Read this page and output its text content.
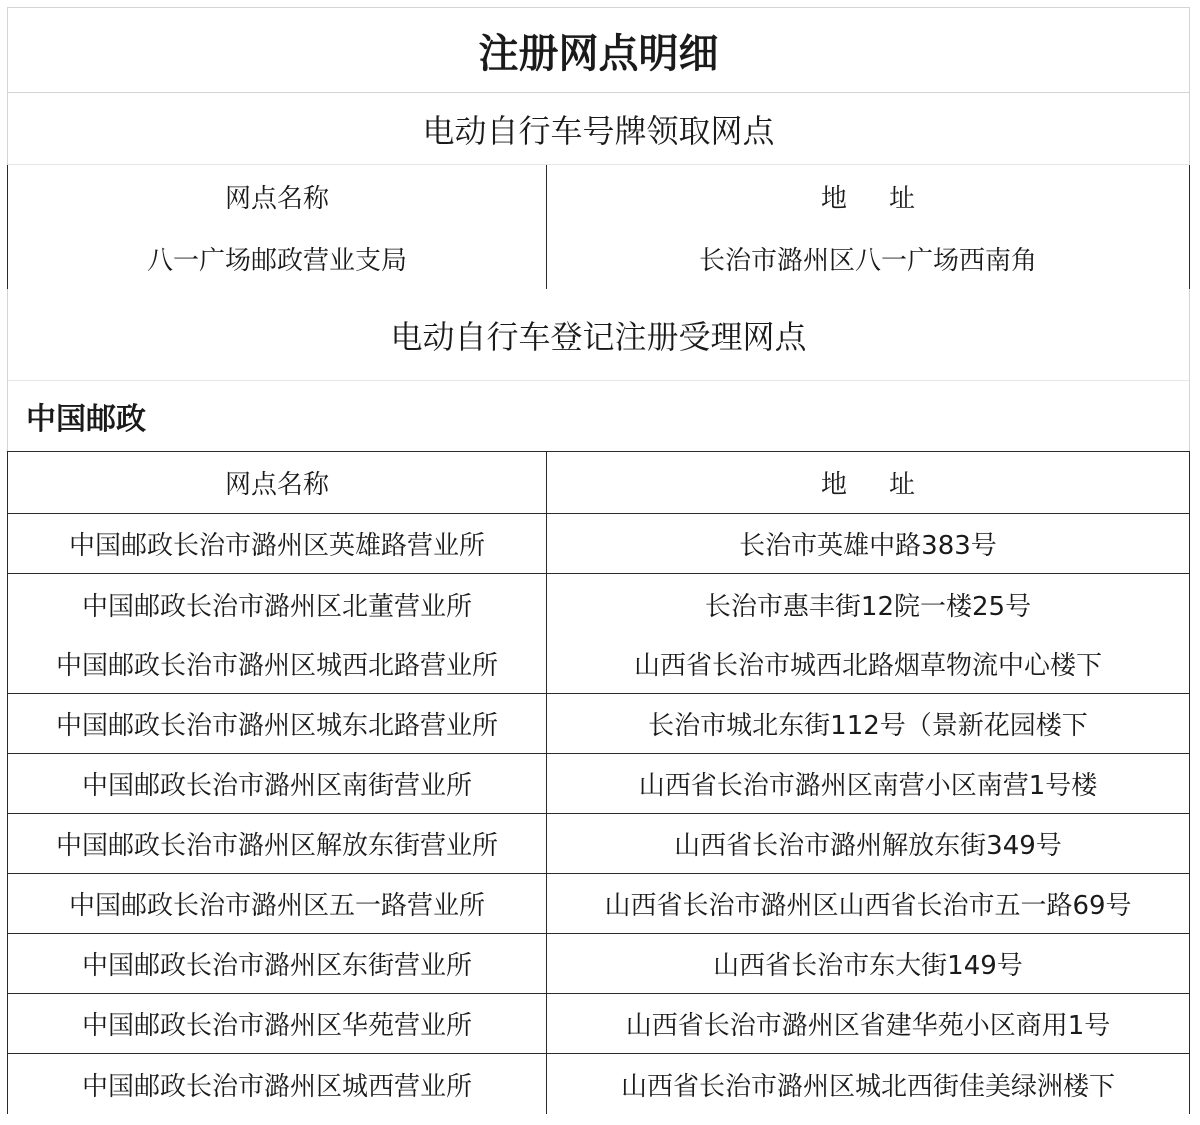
注册网点明细
电动自行车号牌领取网点
网点名称	地 址
八一广场邮政营业支局	长治市潞州区八一广场西南角
电动自行车登记注册受理网点
中国邮政
网点名称	地 址
中国邮政长治市潞州区英雄路营业所	长治市英雄中路383号
中国邮政长治市潞州区北董营业所	长治市惠丰街12院一楼25号
中国邮政长治市潞州区城西北路营业所	山西省长治市城西北路烟草物流中心楼下
中国邮政长治市潞州区城东北路营业所	长治市城北东街112号（景新花园楼下
中国邮政长治市潞州区南街营业所	山西省长治市潞州区南营小区南营1号楼
中国邮政长治市潞州区解放东街营业所	山西省长治市潞州解放东街349号
中国邮政长治市潞州区五一路营业所	山西省长治市潞州区山西省长治市五一路69号
中国邮政长治市潞州区东街营业所	山西省长治市东大街149号
中国邮政长治市潞州区华苑营业所	山西省长治市潞州区省建华苑小区商用1号
中国邮政长治市潞州区城西营业所	山西省长治市潞州区城北西街佳美绿洲楼下
